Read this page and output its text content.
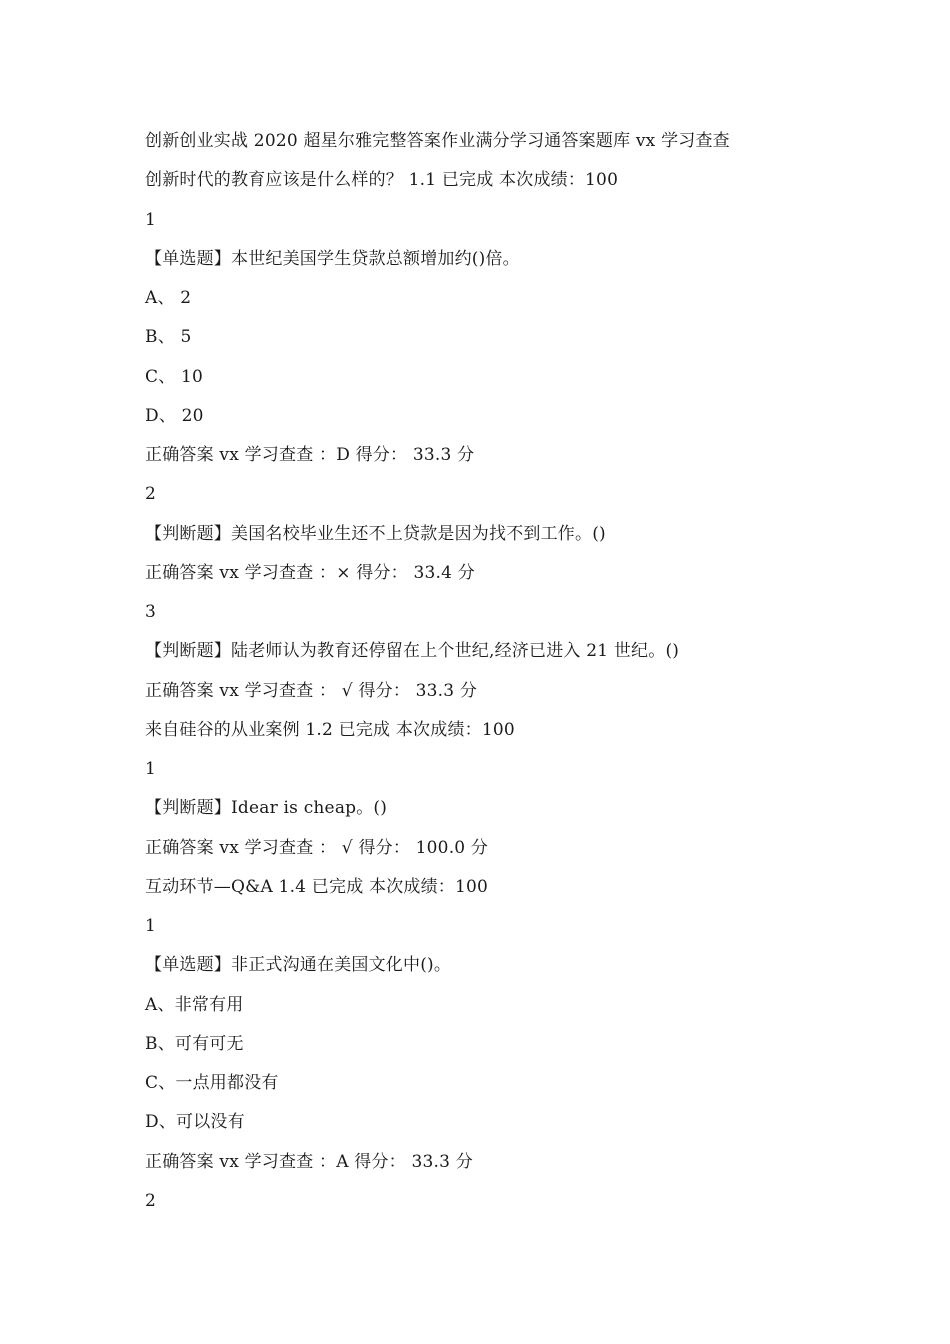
创新创业实战 2020 超星尔雅完整答案作业满分学习通答案题库 vx 学习查查
创新时代的教育应该是什么样的？ 1.1 已完成 本次成绩：100
1
【单选题】本世纪美国学生贷款总额增加约()倍。
A、 2
B、 5
C、 10
D、 20
正确答案 vx 学习查查 ：D 得分： 33.3 分
2
【判断题】美国名校毕业生还不上贷款是因为找不到工作。()
正确答案 vx 学习查查 ：× 得分： 33.4 分
3
【判断题】陆老师认为教育还停留在上个世纪,经济已进入 21 世纪。()
正确答案 vx 学习查查 ： √ 得分： 33.3 分
来自硅谷的从业案例 1.2 已完成 本次成绩：100
1
【判断题】Idear is cheap。()
正确答案 vx 学习查查 ： √ 得分： 100.0 分
互动环节—Q&A 1.4 已完成 本次成绩：100
1
【单选题】非正式沟通在美国文化中()。
A、非常有用
B、可有可无
C、一点用都没有
D、可以没有
正确答案 vx 学习查查 ：A 得分： 33.3 分
2
